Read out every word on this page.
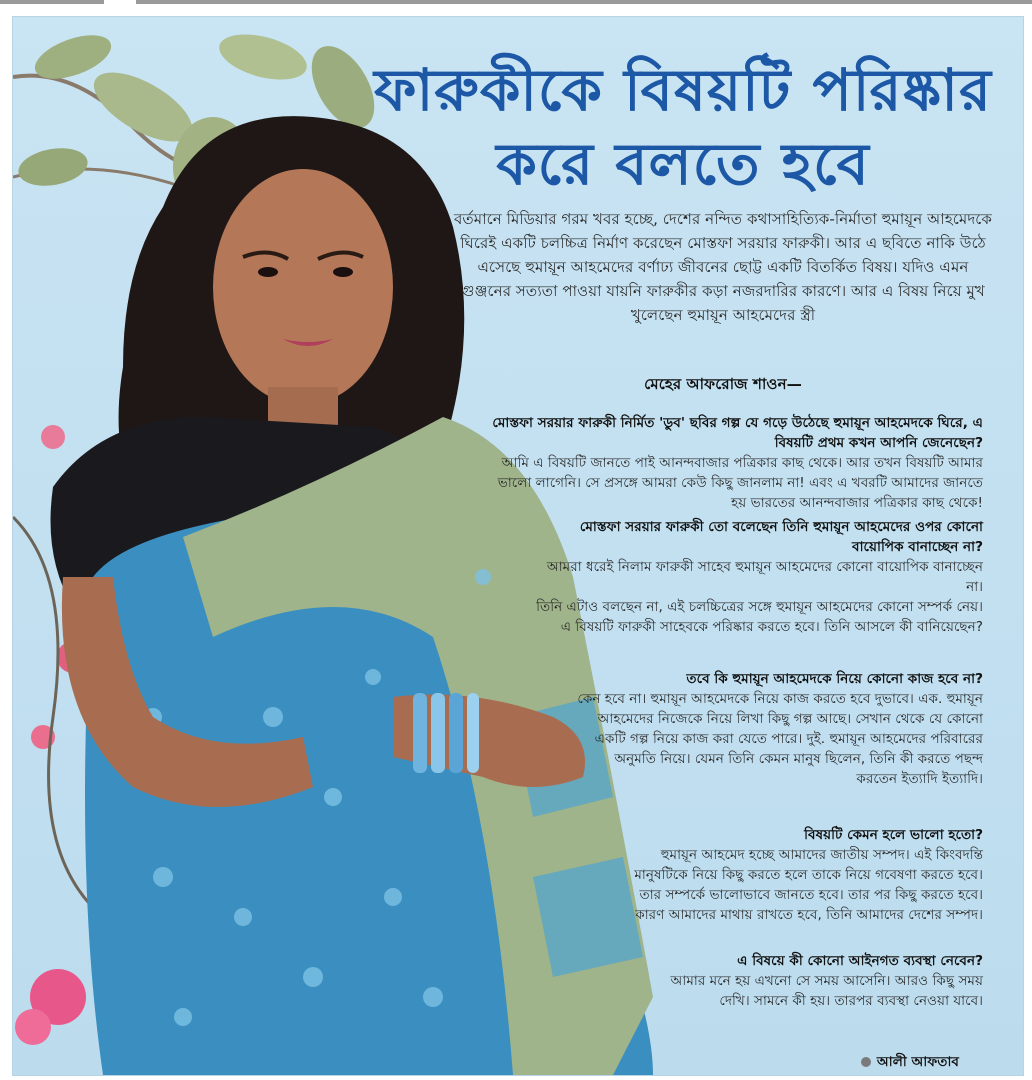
ফারুকীকে বিষয়টি পরিষ্কার
করে বলতে হবে

বর্তমানে মিডিয়ার গরম খবর হচ্ছে, দেশের নন্দিত কথাসাহিত্যিক-নির্মাতা হুমায়ূন আহমেদকে ঘিরেই একটি চলচ্চিত্র নির্মাণ করেছেন মোস্তফা সরয়ার ফারুকী। আর এ ছবিতে নাকি উঠে এসেছে হুমায়ূন আহমেদের বর্ণাঢ্য জীবনের ছোট্ট একটি বিতর্কিত বিষয়। যদিও এমন গুঞ্জনের সত্যতা পাওয়া যায়নি ফারুকীর কড়া নজরদারির কারণে। আর এ বিষয় নিয়ে মুখ খুলেছেন হুমায়ূন আহমেদের স্ত্রী

মেহের আফরোজ শাওন—

মোস্তফা সরয়ার ফারুকী নির্মিত 'ডুব' ছবির গল্প যে গড়ে উঠেছে হুমায়ূন আহমেদকে ঘিরে, এ বিষয়টি প্রথম কখন আপনি জেনেছেন?
আমি এ বিষয়টি জানতে পাই আনন্দবাজার পত্রিকার কাছ থেকে। আর তখন বিষয়টি আমার ভালো লাগেনি। সে প্রসঙ্গে আমরা কেউ কিছু জানলাম না! এবং এ খবরটি আমাদের জানতে হয় ভারতের আনন্দবাজার পত্রিকার কাছ থেকে!
মোস্তফা সরয়ার ফারুকী তো বলেছেন তিনি হুমায়ূন আহমেদের ওপর কোনো বায়োপিক বানাচ্ছেন না?
আমরা ধরেই নিলাম ফারুকী সাহেব হুমায়ূন আহমেদের কোনো বায়োপিক বানাচ্ছেন না।
তিনি এটাও বলছেন না, এই চলচ্চিত্রের সঙ্গে হুমায়ূন আহমেদের কোনো সম্পর্ক নেয়। এ বিষয়টি ফারুকী সাহেবকে পরিষ্কার করতে হবে। তিনি আসলে কী বানিয়েছেন?
তবে কি হুমায়ূন আহমেদকে নিয়ে কোনো কাজ হবে না?
কেন হবে না। হুমায়ূন আহমেদকে নিয়ে কাজ করতে হবে দুভাবে। এক. হুমায়ূন আহমেদের নিজেকে নিয়ে লিখা কিছু গল্প আছে। সেখান থেকে যে কোনো একটি গল্প নিয়ে কাজ করা যেতে পারে। দুই. হুমায়ূন আহমেদের পরিবারের অনুমতি নিয়ে। যেমন তিনি কেমন মানুষ ছিলেন, তিনি কী করতে পছন্দ করতেন ইত্যাদি ইত্যাদি।
বিষয়টি কেমন হলে ভালো হতো?
হুমায়ূন আহমেদ হচ্ছে আমাদের জাতীয় সম্পদ। এই কিংবদন্তি মানুষটিকে নিয়ে কিছু করতে হলে তাকে নিয়ে গবেষণা করতে হবে। তার সম্পর্কে ভালোভাবে জানতে হবে। তার পর কিছু করতে হবে। কারণ আমাদের মাথায় রাখতে হবে, তিনি আমাদের দেশের সম্পদ।
এ বিষয়ে কী কোনো আইনগত ব্যবস্থা নেবেন?
আমার মনে হয় এখনো সে সময় আসেনি। আরও কিছু সময় দেখি। সামনে কী হয়। তারপর ব্যবস্থা নেওয়া যাবে।
আলী আফতাব
